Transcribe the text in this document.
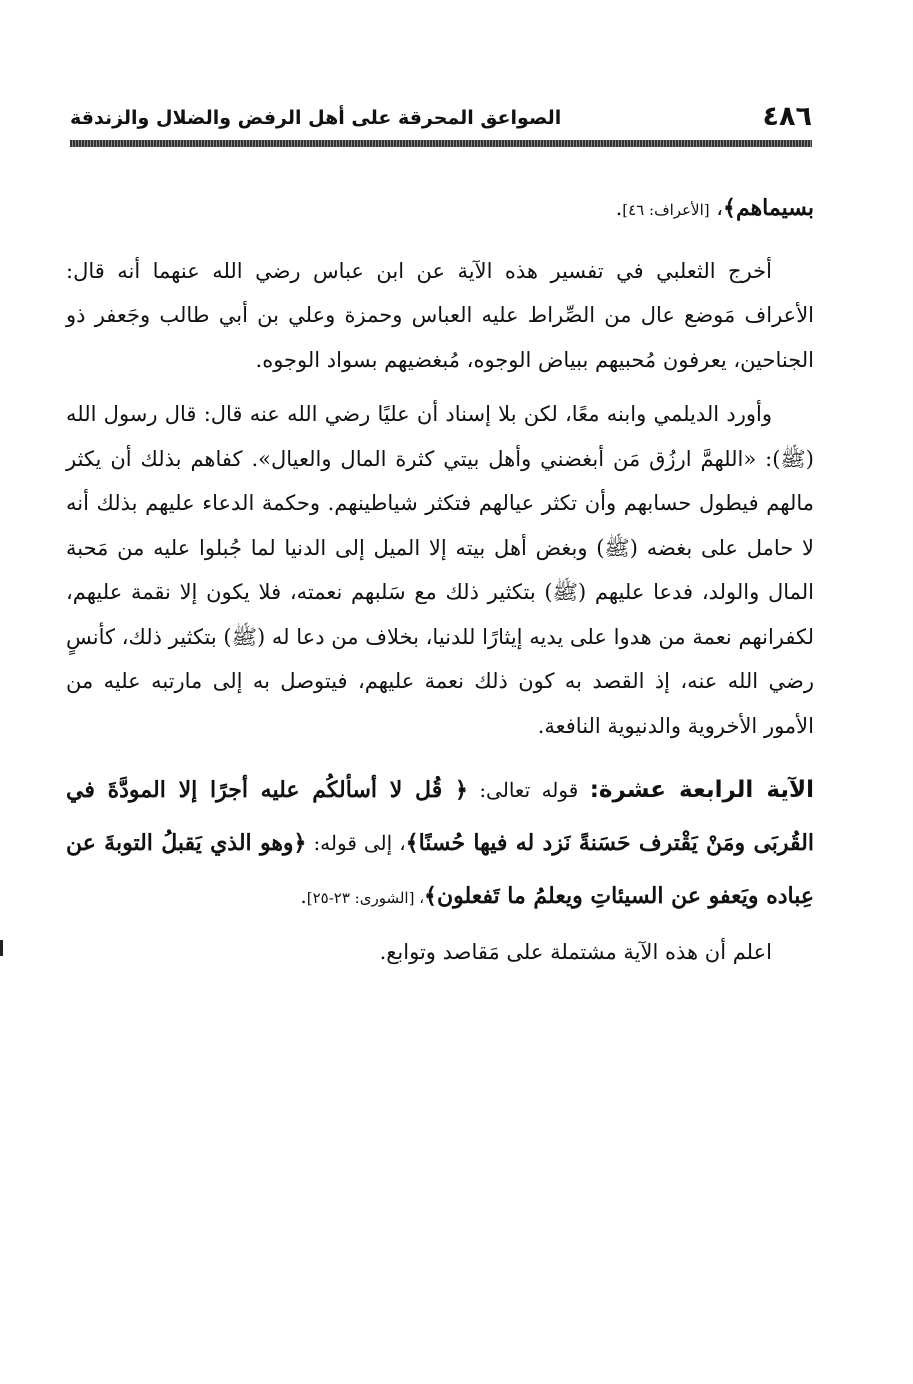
٤٨٦
الصواعق المحرقة على أهل الرفض والضلال والزندقة

بسيماهم﴾، [الأعراف: ٤٦].

أخرج الثعلبي في تفسير هذه الآية عن ابن عباس رضي الله عنهما أنه قال: الأعراف مَوضع عال من الصِّراط عليه العباس وحمزة وعلي بن أبي طالب وجَعفر ذو الجناحين، يعرفون مُحبيهم ببياض الوجوه، مُبغضيهم بسواد الوجوه.

وأورد الديلمي وابنه معًا، لكن بلا إسناد أن عليًا رضي الله عنه قال: قال رسول الله (ﷺ): «اللهمَّ ارزُق مَن أبغضني وأهل بيتي كثرة المال والعيال». كفاهم بذلك أن يكثر مالهم فيطول حسابهم وأن تكثر عيالهم فتكثر شياطينهم. وحكمة الدعاء عليهم بذلك أنه لا حامل على بغضه (ﷺ) وبغض أهل بيته إلا الميل إلى الدنيا لما جُبلوا عليه من مَحبة المال والولد، فدعا عليهم (ﷺ) بتكثير ذلك مع سَلبهم نعمته، فلا يكون إلا نقمة عليهم، لكفرانهم نعمة من هدوا على يديه إيثارًا للدنيا، بخلاف من دعا له (ﷺ) بتكثير ذلك، كأنسٍ رضي الله عنه، إذ القصد به كون ذلك نعمة عليهم، فيتوصل به إلى مارتبه عليه من الأمور الأخروية والدنيوية النافعة.

الآية الرابعة عشرة: قوله تعالى: ﴿ قُل لا أسألكُم عليه أجرًا إلا المودَّةَ في القُربَى ومَنْ يَقْترف حَسَنةً نَزد له فيها حُسنًا﴾، إلى قوله: ﴿وهو الذي يَقبلُ التوبةَ عن عِباده ويَعفو عن السيئاتِ ويعلمُ ما تَفعلون﴾، [الشورى: ٢٣-٢٥].

اعلم أن هذه الآية مشتملة على مَقاصد وتوابع.
